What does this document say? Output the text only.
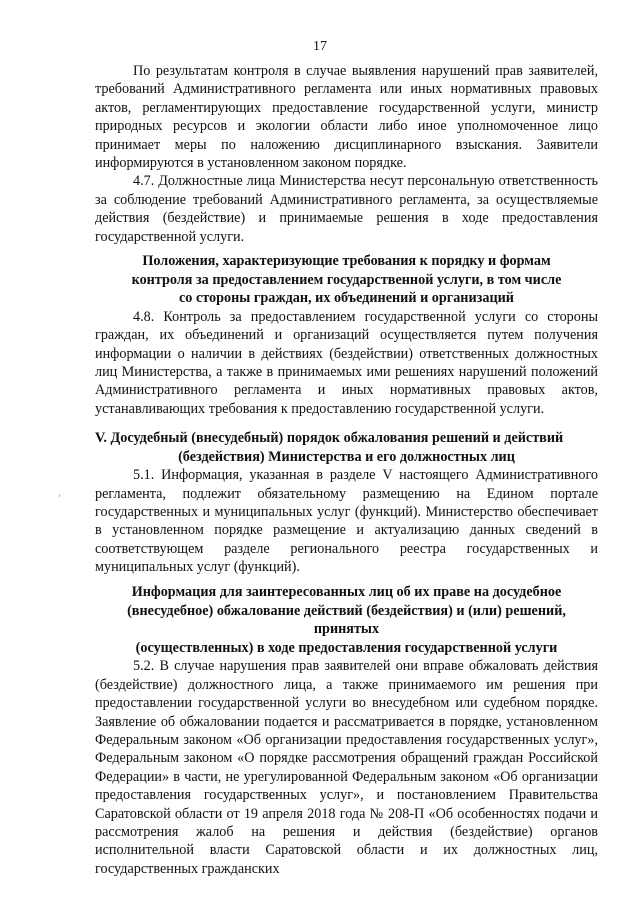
17

По результатам контроля в случае выявления нарушений прав заявителей, требований Административного регламента или иных нормативных правовых актов, регламентирующих предоставление государственной услуги, министр природных ресурсов и экологии области либо иное уполномоченное лицо принимает меры по наложению дисциплинарного взыскания. Заявители информируются в установленном законом порядке.

4.7. Должностные лица Министерства несут персональную ответственность за соблюдение требований Административного регламента, за осуществляемые действия (бездействие) и принимаемые решения в ходе предоставления государственной услуги.

Положения, характеризующие требования к порядку и формам
контроля за предоставлением государственной услуги, в том числе
со стороны граждан, их объединений и организаций

4.8. Контроль за предоставлением государственной услуги со стороны граждан, их объединений и организаций осуществляется путем получения информации о наличии в действиях (бездействии) ответственных должностных лиц Министерства, а также в принимаемых ими решениях нарушений положений Административного регламента и иных нормативных правовых актов, устанавливающих требования к предоставлению государственной услуги.

V. Досудебный (внесудебный) порядок обжалования решений и действий
(бездействия) Министерства и его должностных лиц

5.1. Информация, указанная в разделе V настоящего Административного регламента, подлежит обязательному размещению на Едином портале государственных и муниципальных услуг (функций). Министерство обеспечивает в установленном порядке размещение и актуализацию данных сведений в соответствующем разделе регионального реестра государственных и муниципальных услуг (функций).

Информация для заинтересованных лиц об их праве на досудебное
(внесудебное) обжалование действий (бездействия) и (или) решений, принятых
(осуществленных) в ходе предоставления государственной услуги

5.2. В случае нарушения прав заявителей они вправе обжаловать действия (бездействие) должностного лица, а также принимаемого им решения при предоставлении государственной услуги во внесудебном или судебном порядке. Заявление об обжаловании подается и рассматривается в порядке, установленном Федеральным законом «Об организации предоставления государственных услуг», Федеральным законом «О порядке рассмотрения обращений граждан Российской Федерации» в части, не урегулированной Федеральным законом «Об организации предоставления государственных услуг», и постановлением Правительства Саратовской области от 19 апреля 2018 года № 208-П «Об особенностях подачи и рассмотрения жалоб на решения и действия (бездействие) органов исполнительной власти Саратовской области и их должностных лиц, государственных гражданских

›
